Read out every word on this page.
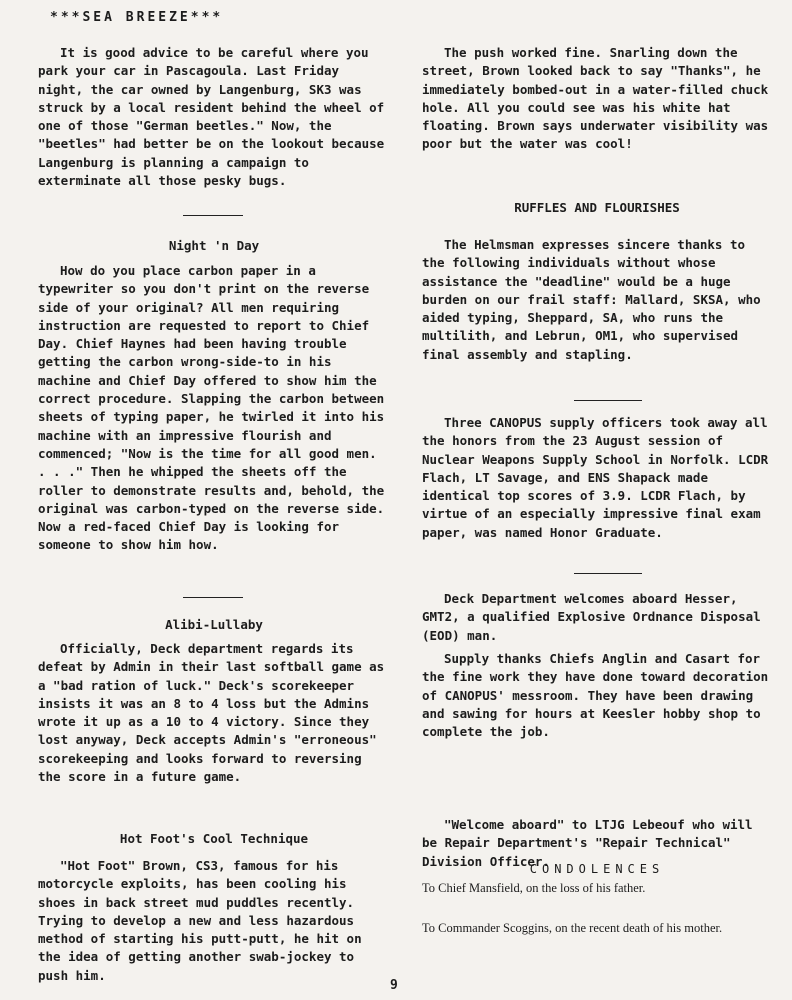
***SEA BREEZE***

It is good advice to be careful where you park your car in Pascagoula. Last Friday night, the car owned by Langenburg, SK3 was struck by a local resident behind the wheel of one of those "German beetles." Now, the "beetles" had better be on the lookout because Langenburg is planning a campaign to exterminate all those pesky bugs.

Night 'n Day

How do you place carbon paper in a typewriter so you don't print on the reverse side of your original? All men requiring instruction are requested to report to Chief Day. Chief Haynes had been having trouble getting the carbon wrong-side-to in his machine and Chief Day offered to show him the correct procedure. Slapping the carbon between sheets of typing paper, he twirled it into his machine with an impressive flourish and commenced; "Now is the time for all good men. . . ." Then he whipped the sheets off the roller to demonstrate results and, behold, the original was carbon-typed on the reverse side. Now a red-faced Chief Day is looking for someone to show him how.

Alibi-Lullaby

Officially, Deck department regards its defeat by Admin in their last softball game as a "bad ration of luck." Deck's scorekeeper insists it was an 8 to 4 loss but the Admins wrote it up as a 10 to 4 victory. Since they lost anyway, Deck accepts Admin's "erroneous" scorekeeping and looks forward to reversing the score in a future game.

Hot Foot's Cool Technique

"Hot Foot" Brown, CS3, famous for his motorcycle exploits, has been cooling his shoes in back street mud puddles recently. Trying to develop a new and less hazardous method of starting his putt-putt, he hit on the idea of getting another swab-jockey to push him.

The push worked fine. Snarling down the street, Brown looked back to say "Thanks", he immediately bombed-out in a water-filled chuck hole. All you could see was his white hat floating. Brown says underwater visibility was poor but the water was cool!

RUFFLES AND FLOURISHES

The Helmsman expresses sincere thanks to the following individuals without whose assistance the "deadline" would be a huge burden on our frail staff: Mallard, SKSA, who aided typing, Sheppard, SA, who runs the multilith, and Lebrun, OM1, who supervised final assembly and stapling.

Three CANOPUS supply officers took away all the honors from the 23 August session of Nuclear Weapons Supply School in Norfolk. LCDR Flach, LT Savage, and ENS Shapack made identical top scores of 3.9. LCDR Flach, by virtue of an especially impressive final exam paper, was named Honor Graduate.

Deck Department welcomes aboard Hesser, GMT2, a qualified Explosive Ordnance Disposal (EOD) man.

Supply thanks Chiefs Anglin and Casart for the fine work they have done toward decoration of CANOPUS' messroom. They have been drawing and sawing for hours at Keesler hobby shop to complete the job.

"Welcome aboard" to LTJG Lebeouf who will be Repair Department's "Repair Technical" Division Officer.

CONDOLENCES

To Chief Mansfield, on the loss of his father.

To Commander Scoggins, on the recent death of his mother.

9
